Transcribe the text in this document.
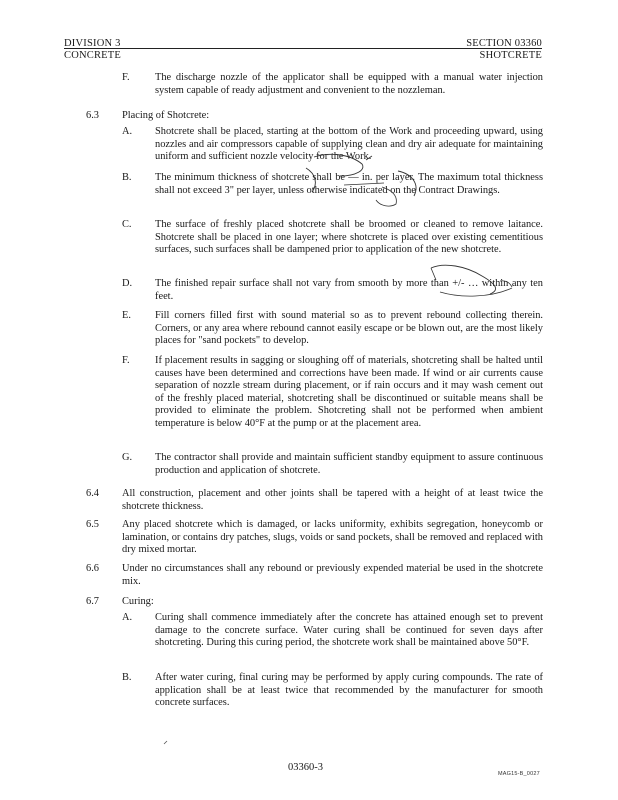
DIVISION 3
CONCRETE
SECTION 03360
SHOTCRETE
F. The discharge nozzle of the applicator shall be equipped with a manual water injection system capable of ready adjustment and convenient to the nozzleman.
6.3 Placing of Shotcrete:
A. Shotcrete shall be placed, starting at the bottom of the Work and proceeding upward, using nozzles and air compressors capable of supplying clean and dry air adequate for maintaining uniform and sufficient nozzle velocity for the Work.
B. The minimum thickness of shotcrete shall be — in. per layer. The maximum total thickness shall not exceed 3" per layer, unless otherwise indicated on the Contract Drawings.
C. The surface of freshly placed shotcrete shall be broomed or cleaned to remove laitance. Shotcrete shall be placed in one layer; where shotcrete is placed over existing cementitious surfaces, such surfaces shall be dampened prior to application of the new shotcrete.
D. The finished repair surface shall not vary from smooth by more than +/- … within any ten feet.
E. Fill corners filled first with sound material so as to prevent rebound collecting therein. Corners, or any area where rebound cannot easily escape or be blown out, are the most likely places for "sand pockets" to develop.
F. If placement results in sagging or sloughing off of materials, shotcreting shall be halted until causes have been determined and corrections have been made. If wind or air currents cause separation of nozzle stream during placement, or if rain occurs and it may wash cement out of the freshly placed material, shotcreting shall be discontinued or suitable means shall be provided to eliminate the problem. Shotcreting shall not be performed when ambient temperature is below 40°F at the pump or at the placement area.
G. The contractor shall provide and maintain sufficient standby equipment to assure continuous production and application of shotcrete.
6.4 All construction, placement and other joints shall be tapered with a height of at least twice the shotcrete thickness.
6.5 Any placed shotcrete which is damaged, or lacks uniformity, exhibits segregation, honeycomb or lamination, or contains dry patches, slugs, voids or sand pockets, shall be removed and replaced with dry mixed mortar.
6.6 Under no circumstances shall any rebound or previously expended material be used in the shotcrete mix.
6.7 Curing:
A. Curing shall commence immediately after the concrete has attained enough set to prevent damage to the concrete surface. Water curing shall be continued for seven days after shotcreting. During this curing period, the shotcrete work shall be maintained above 50°F.
B. After water curing, final curing may be performed by apply curing compounds. The rate of application shall be at least twice that recommended by the manufacturer for smooth concrete surfaces.
03360-3
MAG15-B_0027
